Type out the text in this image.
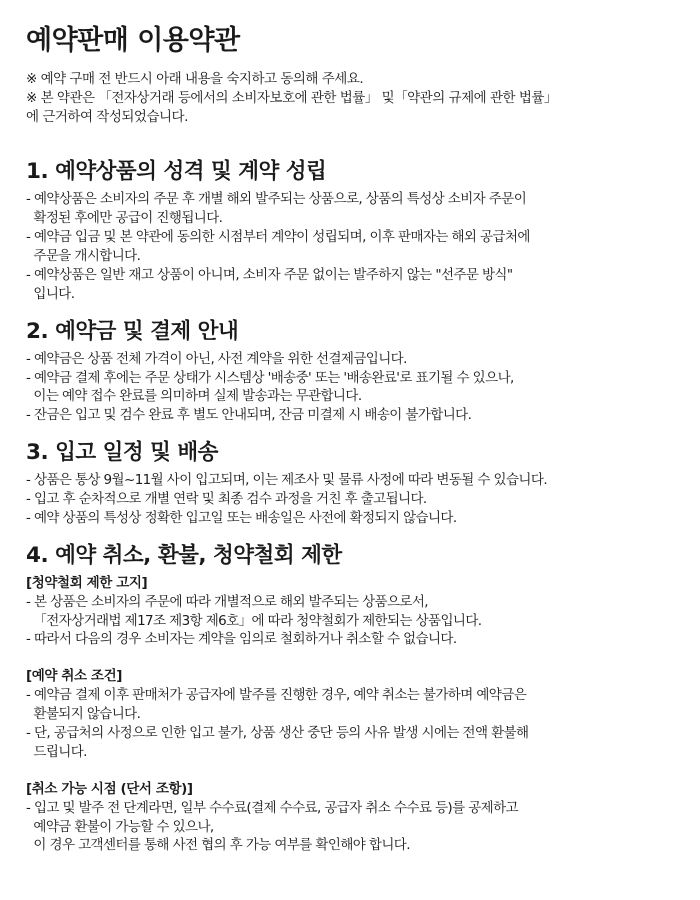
예약판매 이용약관

※ 예약 구매 전 반드시 아래 내용을 숙지하고 동의해 주세요.

※ 본 약관은 「전자상거래 등에서의 소비자보호에 관한 법률」 및「약관의 규제에 관한 법률」

에 근거하여 작성되었습니다.

1. 예약상품의 성격 및 계약 성립
- 예약상품은 소비자의 주문 후 개별 해외 발주되는 상품으로, 상품의 특성상 소비자 주문이
확정된 후에만 공급이 진행됩니다.
- 예약금 입금 및 본 약관에 동의한 시점부터 계약이 성립되며, 이후 판매자는 해외 공급처에
주문을 개시합니다.
- 예약상품은 일반 재고 상품이 아니며, 소비자 주문 없이는 발주하지 않는 "선주문 방식"
입니다.
2. 예약금 및 결제 안내
- 예약금은 상품 전체 가격이 아닌, 사전 계약을 위한 선결제금입니다.
- 예약금 결제 후에는 주문 상태가 시스템상 '배송중' 또는 '배송완료'로 표기될 수 있으나,
이는 예약 접수 완료를 의미하며 실제 발송과는 무관합니다.
- 잔금은 입고 및 검수 완료 후 별도 안내되며, 잔금 미결제 시 배송이 불가합니다.
3. 입고 일정 및 배송
- 상품은 통상 9월~11월 사이 입고되며, 이는 제조사 및 물류 사정에 따라 변동될 수 있습니다.
- 입고 후 순차적으로 개별 연락 및 최종 검수 과정을 거친 후 출고됩니다.
- 예약 상품의 특성상 정확한 입고일 또는 배송일은 사전에 확정되지 않습니다.
4. 예약 취소, 환불, 청약철회 제한

[청약철회 제한 고지]

- 본 상품은 소비자의 주문에 따라 개별적으로 해외 발주되는 상품으로서,
「전자상거래법 제17조 제3항 제6호」에 따라 청약철회가 제한되는 상품입니다.
- 따라서 다음의 경우 소비자는 계약을 임의로 철회하거나 취소할 수 없습니다.

[예약 취소 조건]

- 예약금 결제 이후 판매처가 공급자에 발주를 진행한 경우, 예약 취소는 불가하며 예약금은
환불되지 않습니다.
- 단, 공급처의 사정으로 인한 입고 불가, 상품 생산 중단 등의 사유 발생 시에는 전액 환불해
드립니다.

[취소 가능 시점 (단서 조항)]

- 입고 및 발주 전 단계라면, 일부 수수료(결제 수수료, 공급자 취소 수수료 등)를 공제하고
예약금 환불이 가능할 수 있으나,
이 경우 고객센터를 통해 사전 협의 후 가능 여부를 확인해야 합니다.
